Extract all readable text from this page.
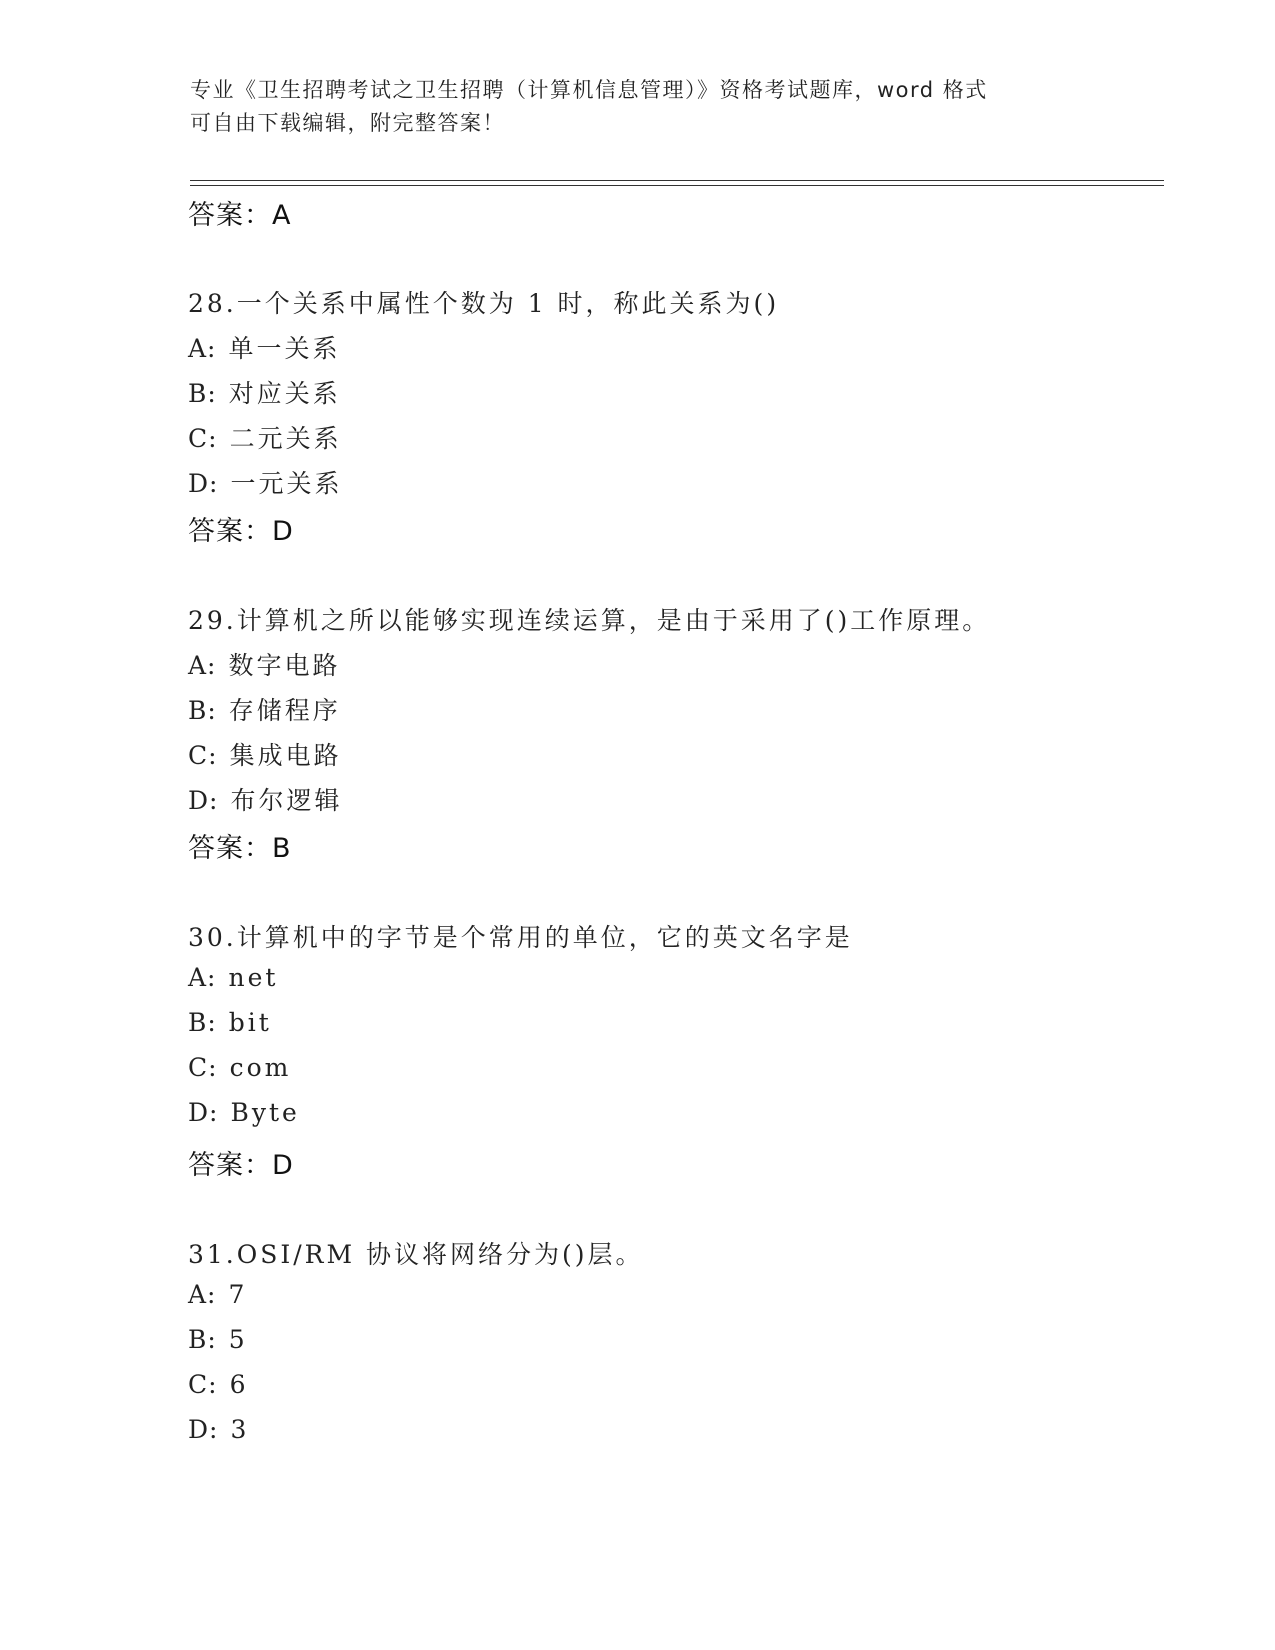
专业《卫生招聘考试之卫生招聘（计算机信息管理）》资格考试题库，word 格式
可自由下载编辑，附完整答案！
答案：A
28.一个关系中属性个数为 1 时，称此关系为()
A: 单一关系
B: 对应关系
C: 二元关系
D: 一元关系
答案：D
29.计算机之所以能够实现连续运算，是由于采用了()工作原理。
A: 数字电路
B: 存储程序
C: 集成电路
D: 布尔逻辑
答案：B
30.计算机中的字节是个常用的单位，它的英文名字是
A: net
B: bit
C: com
D: Byte
答案：D
31.OSI/RM 协议将网络分为()层。
A: 7
B: 5
C: 6
D: 3
